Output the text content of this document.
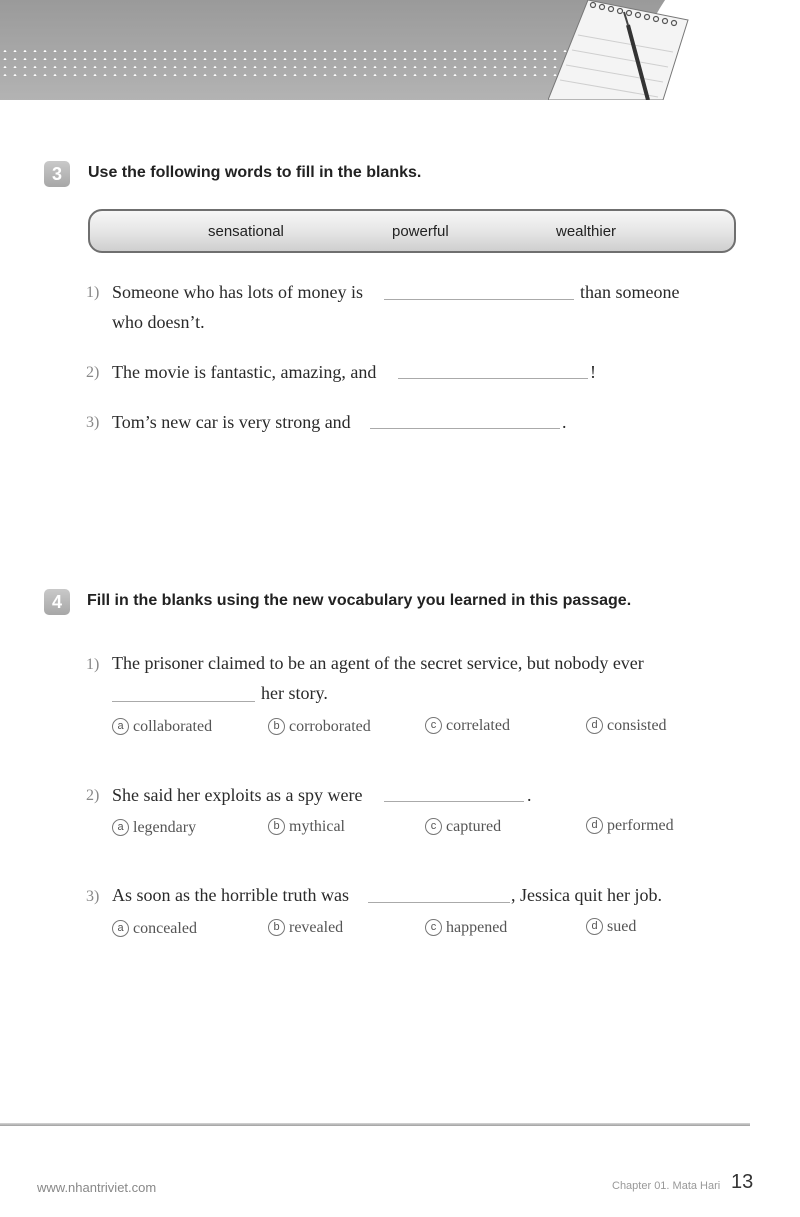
3	Use the following words to fill in the blanks.
sensational	powerful	wealthier
1) Someone who has lots of money is	than someone
who doesn’t.
2) The movie is fantastic, amazing, and	!
3) Tom’s new car is very strong and	.
4	Fill in the blanks using the new vocabulary you learned in this passage.
1) The prisoner claimed to be an agent of the secret service, but nobody ever
her story.
a collaborated	b corroborated	c correlated	d consisted
2) She said her exploits as a spy were	.
a legendary	b mythical	c captured	d performed
3) As soon as the horrible truth was	, Jessica quit her job.
a concealed	b revealed	c happened	d sued
www.nhantriviet.com	Chapter 01. Mata Hari 13
